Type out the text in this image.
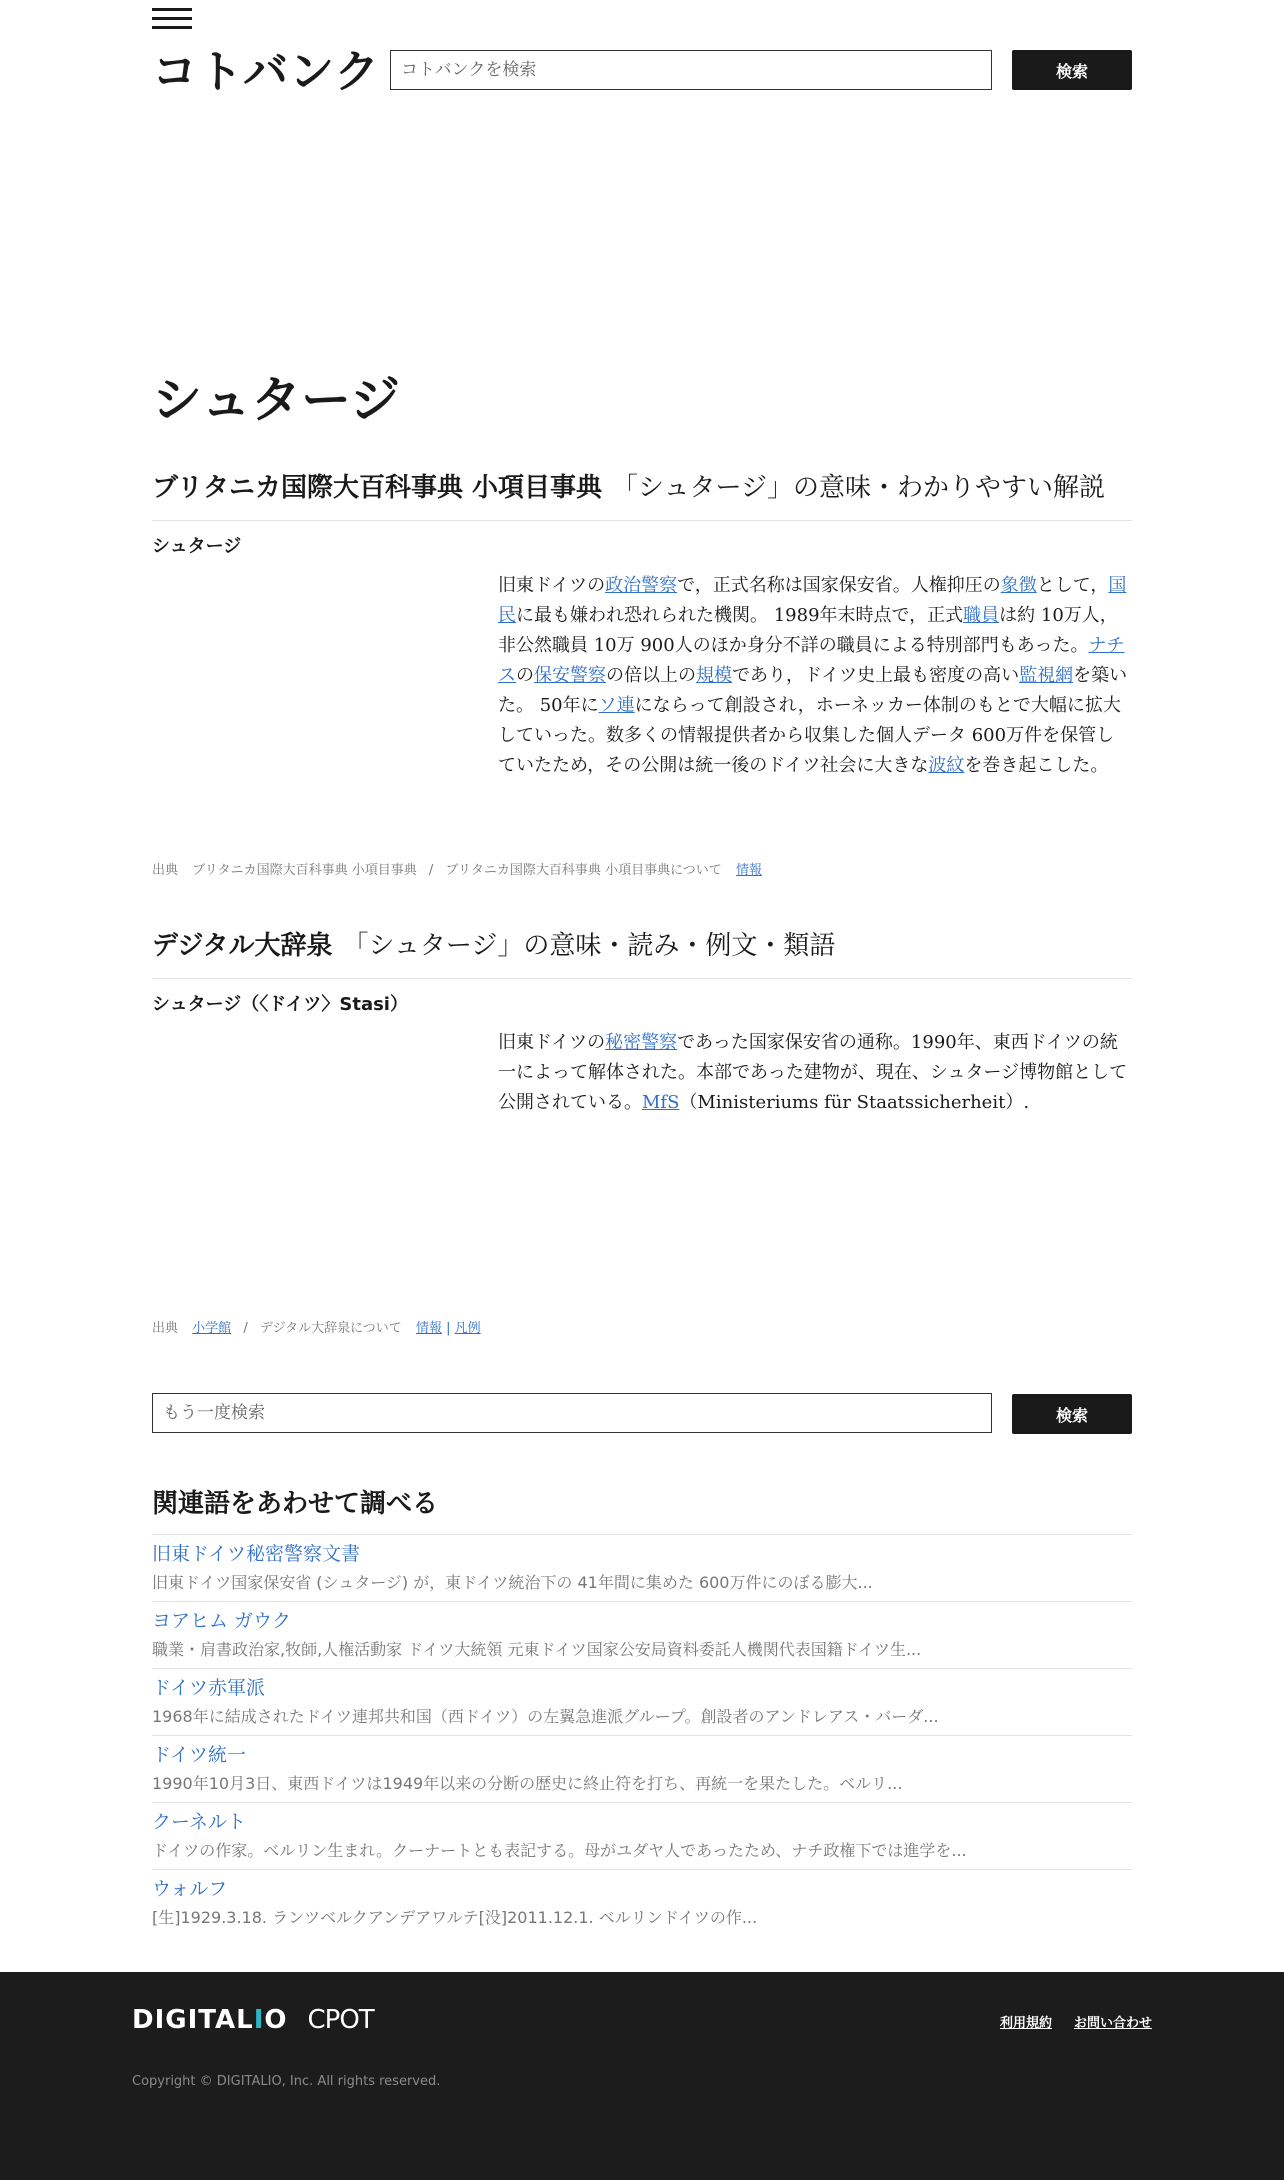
コトバンク
コトバンクを検索	検索
シュタージ
ブリタニカ国際大百科事典 小項目事典 「シュタージ」の意味・わかりやすい解説
シュタージ
旧東ドイツの政治警察で，正式名称は国家保安省。人権抑圧の象徴として，国民に最も嫌われ恐れられた機関。 1989年末時点で，正式職員は約 10万人，非公然職員 10万 900人のほか身分不詳の職員による特別部門もあった。ナチスの保安警察の倍以上の規模であり，ドイツ史上最も密度の高い監視網を築いた。 50年にソ連にならって創設され，ホーネッカー体制のもとで大幅に拡大していった。数多くの情報提供者から収集した個人データ 600万件を保管していたため，その公開は統一後のドイツ社会に大きな波紋を巻き起こした。
出典 ブリタニカ国際大百科事典 小項目事典 / ブリタニカ国際大百科事典 小項目事典について 情報
デジタル大辞泉 「シュタージ」の意味・読み・例文・類語
シュタージ（〈ドイツ〉Stasi）
旧東ドイツの秘密警察であった国家保安省の通称。1990年、東西ドイツの統一によって解体された。本部であった建物が、現在、シュタージ博物館として公開されている。MfS（Ministeriums für Staatssicherheit）.
出典 小学館 / デジタル大辞泉について 情報 | 凡例
もう一度検索
検索
関連語をあわせて調べる
旧東ドイツ秘密警察文書
旧東ドイツ国家保安省 (シュタージ) が，東ドイツ統治下の 41年間に集めた 600万件にのぼる膨大...
ヨアヒム ガウク
職業・肩書政治家,牧師,人権活動家 ドイツ大統領 元東ドイツ国家公安局資料委託人機関代表国籍ドイツ生...
ドイツ赤軍派
1968年に結成されたドイツ連邦共和国（西ドイツ）の左翼急進派グループ。創設者のアンドレアス・バーダ...
ドイツ統一
1990年10月3日、東西ドイツは1949年以来の分断の歴史に終止符を打ち、再統一を果たした。ベルリ...
クーネルト
ドイツの作家。ベルリン生まれ。クーナートとも表記する。母がユダヤ人であったため、ナチ政権下では進学を...
ウォルフ
[生]1929.3.18. ランツベルクアンデアワルテ[没]2011.12.1. ベルリンドイツの作...
DIGITALIO CPOT	利用規約 お問い合わせ
Copyright © DIGITALIO, Inc. All rights reserved.
